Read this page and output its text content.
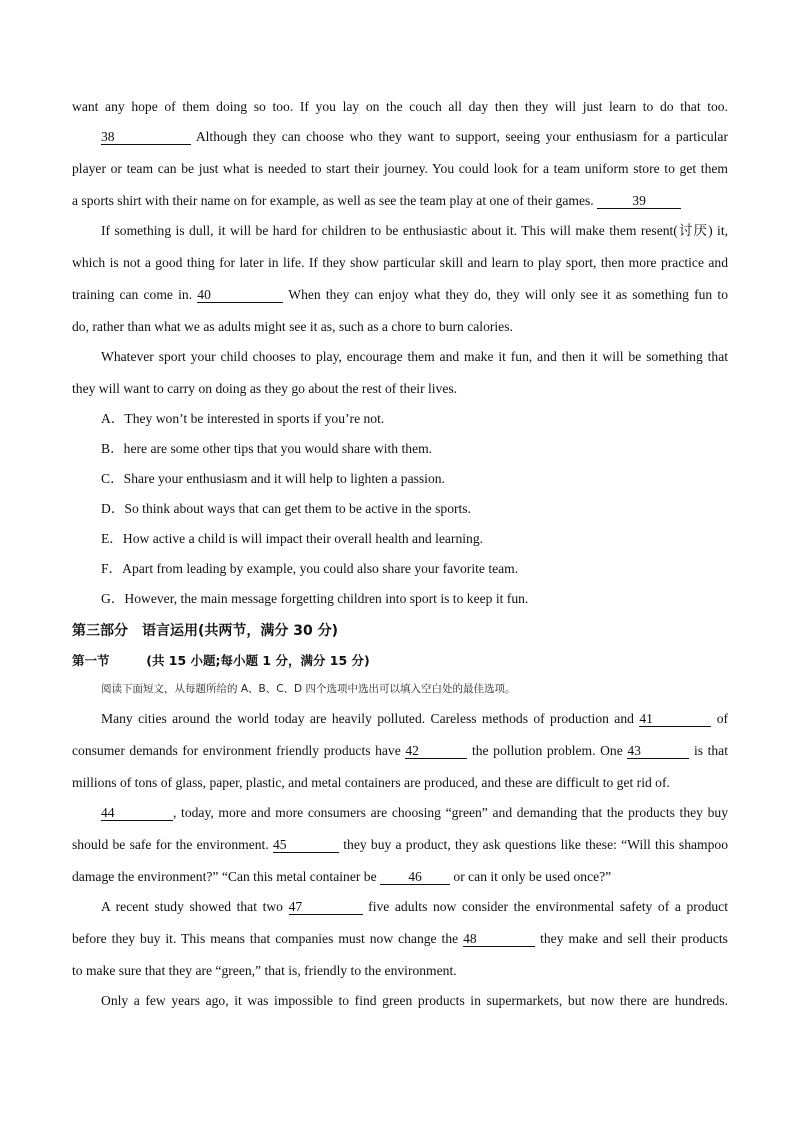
want any hope of them doing so too. If you lay on the couch all day then they will just learn to do that too.
38	Although they can choose who they want to support, seeing your enthusiasm for a particular
player or team can be just what is needed to start their journey. You could look for a team uniform store to get them
a sports shirt with their name on for example, as well as see the team play at one of their games.	39
If something is dull, it will be hard for children to be enthusiastic about it. This will make them resent(讨厌) it,
which is not a good thing for later in life. If they show particular skill and learn to play sport, then more practice and
training can come in. 40	When they can enjoy what they do, they will only see it as something fun to
do, rather than what we as adults might see it as, such as a chore to burn calories.
Whatever sport your child chooses to play, encourage them and make it fun, and then it will be something that
they will want to carry on doing as they go about the rest of their lives.
A．They won’t be interested in sports if you’re not.
B．here are some other tips that you would share with them.
C．Share your enthusiasm and it will help to lighten a passion.
D．So think about ways that can get them to be active in the sports.
E．How active a child is will impact their overall health and learning.
F．Apart from leading by example, you could also share your favorite team.
G．However, the main message forgetting children into sport is to keep it fun.
第三部分　语言运用(共两节，满分 30 分)
第一节	(共 15 小题;每小题 1 分，满分 15 分)
阅读下面短文，从每题所给的 A、B、C、D 四个选项中选出可以填入空白处的最佳选项。
Many cities around the world today are heavily polluted. Careless methods of production and 41	of
consumer demands for environment friendly products have 42	the pollution problem. One 43	is that
millions of tons of glass, paper, plastic, and metal containers are produced, and these are difficult to get rid of.
44	, today, more and more consumers are choosing “green” and demanding that the products they buy
should be safe for the environment. 45	they buy a product, they ask questions like these: “Will this shampoo
damage the environment?” “Can this metal container be 46 or can it only be used once?”
A recent study showed that two 47	five adults now consider the environmental safety of a product
before they buy it. This means that companies must now change the 48	they make and sell their products
to make sure that they are “green,” that is, friendly to the environment.
Only a few years ago, it was impossible to find green products in supermarkets, but now there are hundreds.
